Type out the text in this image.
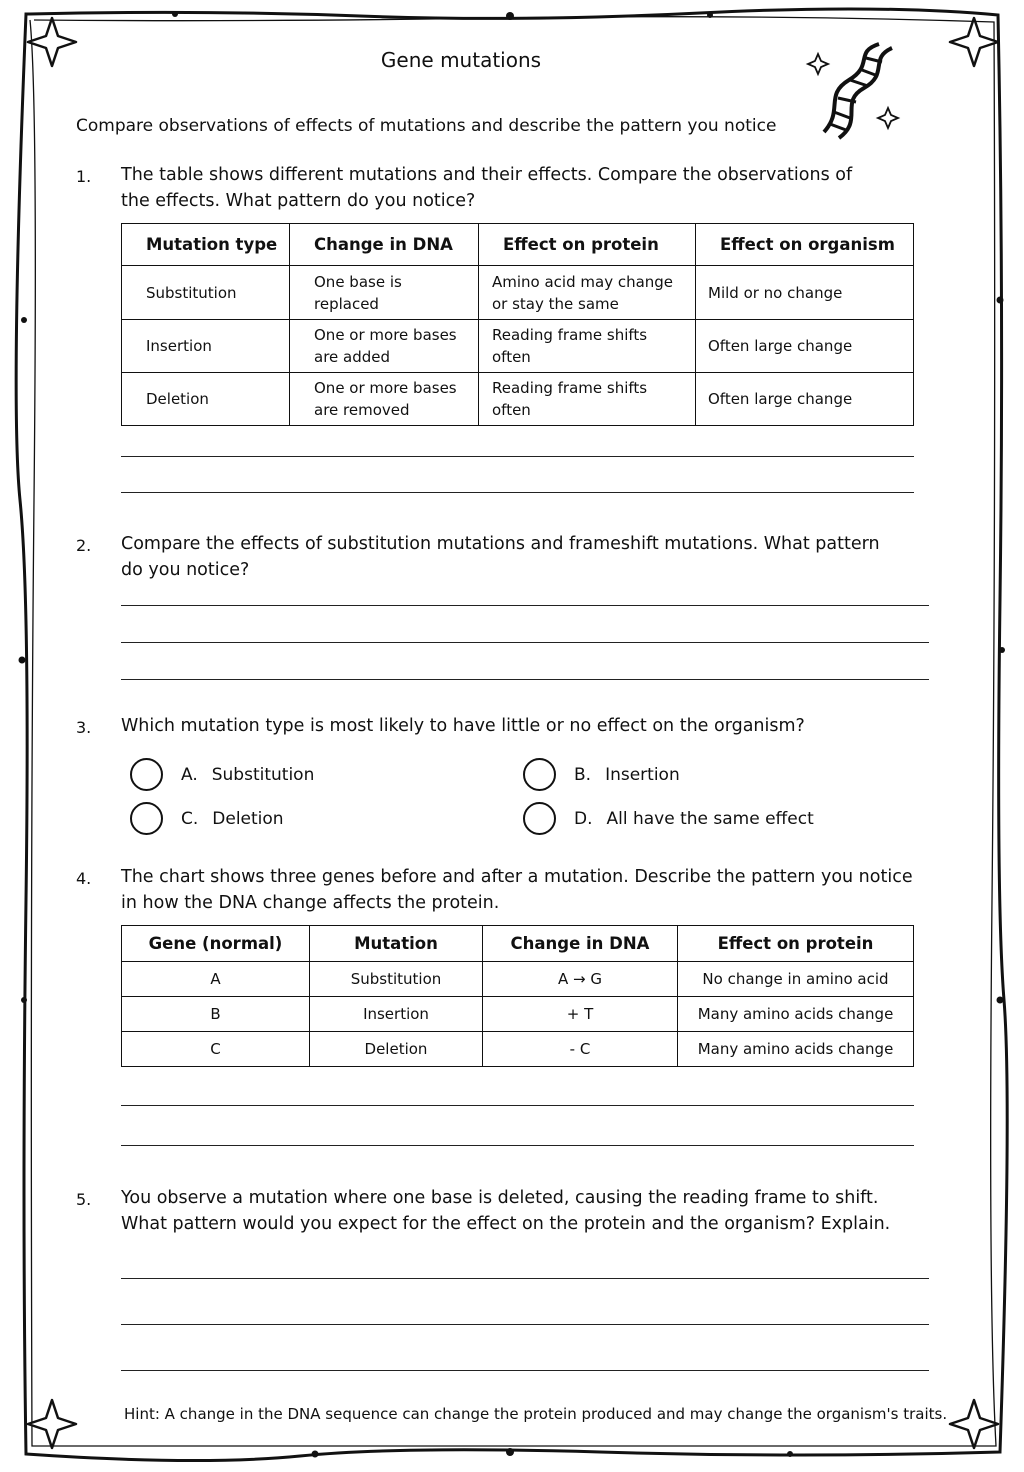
Gene mutations
Compare observations of effects of mutations and describe the pattern you notice
1. The table shows different mutations and their effects. Compare the observations of the effects. What pattern do you notice?
Mutation type	Change in DNA	Effect on protein	Effect on organism
Substitution	One base is replaced	Amino acid may change or stay the same	Mild or no change
Insertion	One or more bases are added	Reading frame shifts often	Often large change
Deletion	One or more bases are removed	Reading frame shifts often	Often large change
2. Compare the effects of substitution mutations and frameshift mutations. What pattern do you notice?
3. Which mutation type is most likely to have little or no effect on the organism?
A. Substitution	B. Insertion
C. Deletion	D. All have the same effect
4. The chart shows three genes before and after a mutation. Describe the pattern you notice in how the DNA change affects the protein.
Gene (normal)	Mutation	Change in DNA	Effect on protein
A	Substitution	A → G	No change in amino acid
B	Insertion	+ T	Many amino acids change
C	Deletion	- C	Many amino acids change
5. You observe a mutation where one base is deleted, causing the reading frame to shift. What pattern would you expect for the effect on the protein and the organism? Explain.
Hint: A change in the DNA sequence can change the protein produced and may change the organism's traits.
